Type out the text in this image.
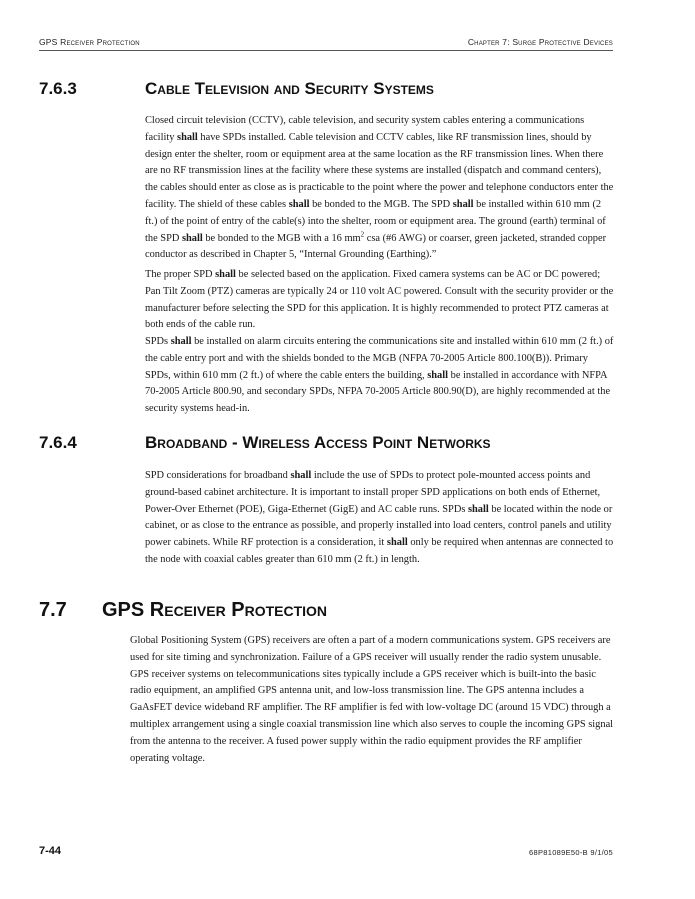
GPS Receiver Protection	Chapter 7: Surge Protective Devices
7.6.3	Cable Television and Security Systems
Closed circuit television (CCTV), cable television, and security system cables entering a communications facility shall have SPDs installed. Cable television and CCTV cables, like RF transmission lines, should by design enter the shelter, room or equipment area at the same location as the RF transmission lines. When there are no RF transmission lines at the facility where these systems are installed (dispatch and command centers), the cables should enter as close as is practicable to the point where the power and telephone conductors enter the facility. The shield of these cables shall be bonded to the MGB. The SPD shall be installed within 610 mm (2 ft.) of the point of entry of the cable(s) into the shelter, room or equipment area. The ground (earth) terminal of the SPD shall be bonded to the MGB with a 16 $mm^2$ csa (#6 AWG) or coarser, green jacketed, stranded copper conductor as described in Chapter 5, “Internal Grounding (Earthing).”
The proper SPD shall be selected based on the application. Fixed camera systems can be AC or DC powered; Pan Tilt Zoom (PTZ) cameras are typically 24 or 110 volt AC powered. Consult with the security provider or the manufacturer before selecting the SPD for this application. It is highly recommended to protect PTZ cameras at both ends of the cable run.
SPDs shall be installed on alarm circuits entering the communications site and installed within 610 mm (2 ft.) of the cable entry port and with the shields bonded to the MGB (NFPA 70-2005 Article 800.100(B)). Primary SPDs, within 610 mm (2 ft.) of where the cable enters the building, shall be installed in accordance with NFPA 70-2005 Article 800.90, and secondary SPDs, NFPA 70-2005 Article 800.90(D), are highly recommended at the security systems head-in.
7.6.4	Broadband - Wireless Access Point Networks
SPD considerations for broadband shall include the use of SPDs to protect pole-mounted access points and ground-based cabinet architecture. It is important to install proper SPD applications on both ends of Ethernet, Power-Over Ethernet (POE), Giga-Ethernet (GigE) and AC cable runs. SPDs shall be located within the node or cabinet, or as close to the entrance as possible, and properly installed into load centers, control panels and utility power cabinets. While RF protection is a consideration, it shall only be required when antennas are connected to the node with coaxial cables greater than 610 mm (2 ft.) in length.
7.7 GPS Receiver Protection
Global Positioning System (GPS) receivers are often a part of a modern communications system. GPS receivers are used for site timing and synchronization. Failure of a GPS receiver will usually render the radio system unusable. GPS receiver systems on telecommunications sites typically include a GPS receiver which is built-into the basic radio equipment, an amplified GPS antenna unit, and low-loss transmission line. The GPS antenna includes a GaAsFET device wideband RF amplifier. The RF amplifier is fed with low-voltage DC (around 15 VDC) through a multiplex arrangement using a single coaxial transmission line which also serves to couple the incoming GPS signal from the antenna to the receiver. A fused power supply within the radio equipment provides the RF amplifier operating voltage.
7-44	68P81089E50-B 9/1/05
